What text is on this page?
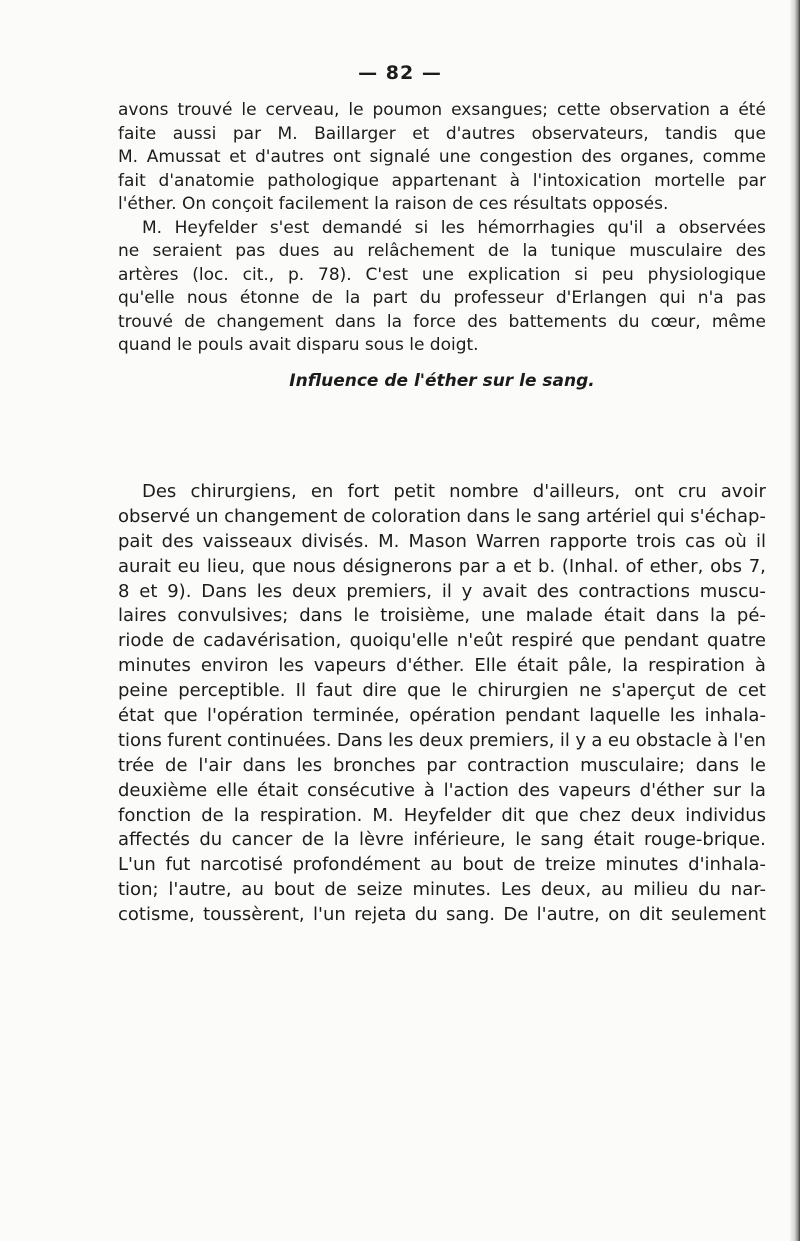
— 82 —
avons trouvé le cerveau, le poumon exsangues; cette observation a été
faite aussi par M. Baillarger et d'autres observateurs, tandis que
M. Amussat et d'autres ont signalé une congestion des organes, comme
fait d'anatomie pathologique appartenant à l'intoxication mortelle par
l'éther. On conçoit facilement la raison de ces résultats opposés.
M. Heyfelder s'est demandé si les hémorrhagies qu'il a observées
ne seraient pas dues au relâchement de la tunique musculaire des
artères (loc. cit., p. 78). C'est une explication si peu physiologique
qu'elle nous étonne de la part du professeur d'Erlangen qui n'a pas
trouvé de changement dans la force des battements du cœur, même
quand le pouls avait disparu sous le doigt.
Influence de l'éther sur le sang.
Des chirurgiens, en fort petit nombre d'ailleurs, ont cru avoir
observé un changement de coloration dans le sang artériel qui s'échap-
pait des vaisseaux divisés. M. Mason Warren rapporte trois cas où il
aurait eu lieu, que nous désignerons par a et b. (Inhal. of ether, obs 7,
8 et 9). Dans les deux premiers, il y avait des contractions muscu-
laires convulsives; dans le troisième, une malade était dans la pé-
riode de cadavérisation, quoiqu'elle n'eût respiré que pendant quatre
minutes environ les vapeurs d'éther. Elle était pâle, la respiration à
peine perceptible. Il faut dire que le chirurgien ne s'aperçut de cet
état que l'opération terminée, opération pendant laquelle les inhala-
tions furent continuées. Dans les deux premiers, il y a eu obstacle à l'en
trée de l'air dans les bronches par contraction musculaire; dans le
deuxième elle était consécutive à l'action des vapeurs d'éther sur la
fonction de la respiration. M. Heyfelder dit que chez deux individus
affectés du cancer de la lèvre inférieure, le sang était rouge-brique.
L'un fut narcotisé profondément au bout de treize minutes d'inhala-
tion; l'autre, au bout de seize minutes. Les deux, au milieu du nar-
cotisme, toussèrent, l'un rejeta du sang. De l'autre, on dit seulement
